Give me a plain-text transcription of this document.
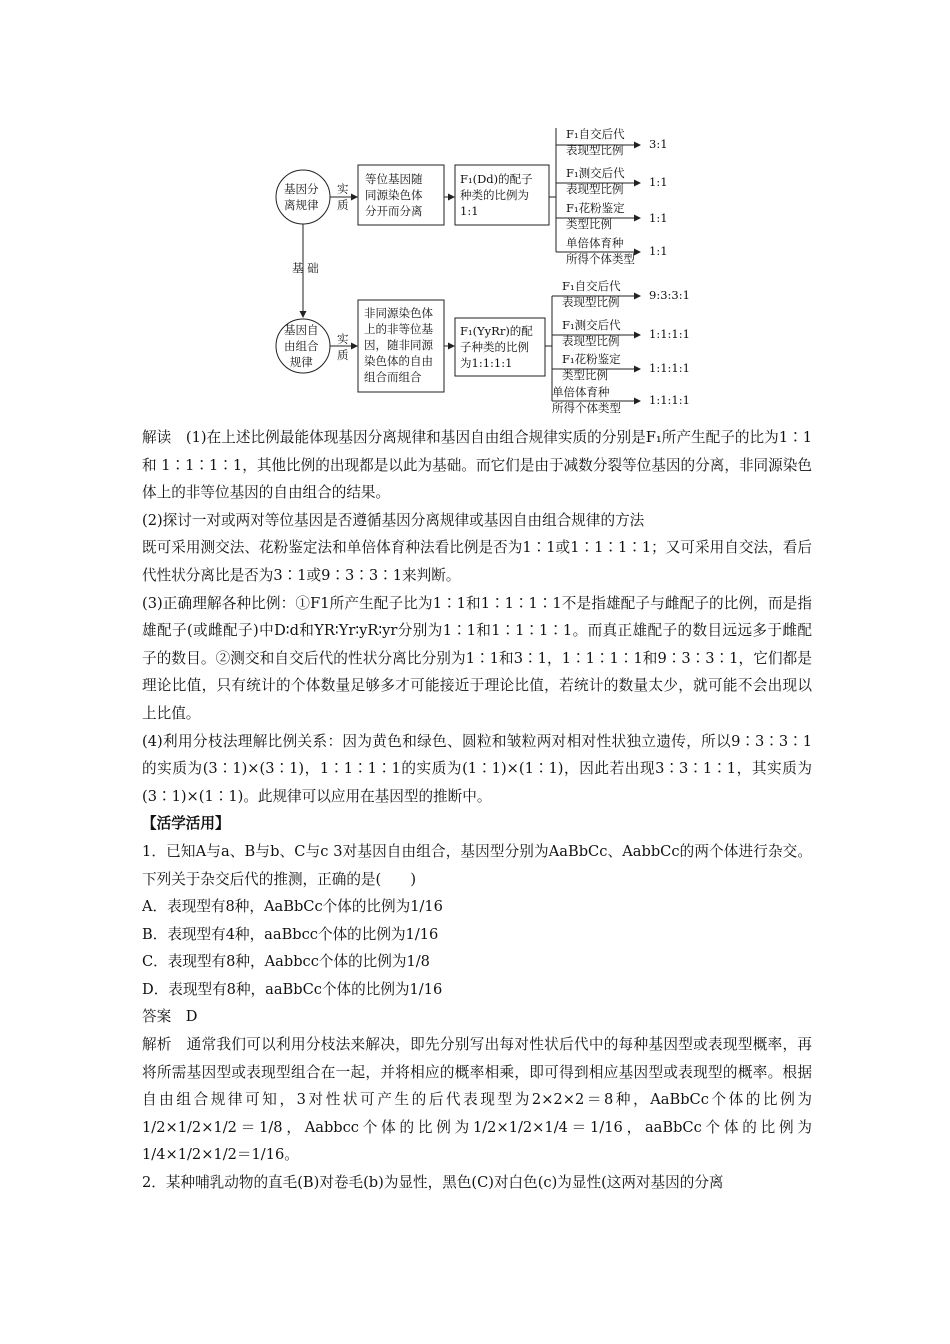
基因分
离规律
基因自
由组合
规律
实
质
实
质
基 础
等位基因随
同源染色体
分开而分离
F₁(Dd)的配子
种类的比例为
1:1
非同源染色体
上的非等位基
因，随非同源
染色体的自由
组合而组合
F₁(YyRr)的配
子种类的比例
为1:1:1:1
F₁自交后代
表现型比例 3:1
F₁测交后代
表现型比例 1:1
F₁花粉鉴定
类型比例	1:1
单倍体育种
所得个体类型
1:1
F₁自交后代
表现型比例	9:3:3:1
F₁测交后代
表现型比例	1:1:1:1
F₁花粉鉴定
类型比例	1:1:1:1
单倍体育种
所得个体类型
1:1:1:1

解读　(1)在上述比例最能体现基因分离规律和基因自由组合规律实质的分别是F₁所产生配子的比为1∶1和 1∶1∶1∶1，其他比例的出现都是以此为基础。而它们是由于减数分裂等位基因的分离，非同源染色体上的非等位基因的自由组合的结果。

(2)探讨一对或两对等位基因是否遵循基因分离规律或基因自由组合规律的方法

既可采用测交法、花粉鉴定法和单倍体育种法看比例是否为1∶1或1∶1∶1∶1；又可采用自交法，看后代性状分离比是否为3∶1或9∶3∶3∶1来判断。

(3)正确理解各种比例：①F1所产生配子比为1∶1和1∶1∶1∶1不是指雄配子与雌配子的比例，而是指雄配子(或雌配子)中D∶d和YR∶Yr∶yR∶yr分别为1∶1和1∶1∶1∶1。而真正雄配子的数目远远多于雌配子的数目。②测交和自交后代的性状分离比分别为1∶1和3∶1，1∶1∶1∶1和9∶3∶3∶1，它们都是理论比值，只有统计的个体数量足够多才可能接近于理论比值，若统计的数量太少，就可能不会出现以上比值。

(4)利用分枝法理解比例关系：因为黄色和绿色、圆粒和皱粒两对相对性状独立遗传，所以9∶3∶3∶1的实质为(3∶1)×(3∶1)，1∶1∶1∶1的实质为(1∶1)×(1∶1)，因此若出现3∶3∶1∶1，其实质为(3∶1)×(1∶1)。此规律可以应用在基因型的推断中。

【活学活用】

1．已知A与a、B与b、C与c 3对基因自由组合，基因型分别为AaBbCc、AabbCc的两个体进行杂交。下列关于杂交后代的推测，正确的是(　　)

A．表现型有8种，AaBbCc个体的比例为1/16

B．表现型有4种，aaBbcc个体的比例为1/16

C．表现型有8种，Aabbcc个体的比例为1/8

D．表现型有8种，aaBbCc个体的比例为1/16

答案　D

解析　通常我们可以利用分枝法来解决，即先分别写出每对性状后代中的每种基因型或表现型概率，再将所需基因型或表现型组合在一起，并将相应的概率相乘，即可得到相应基因型或表现型的概率。根据自由组合规律可知，3对性状可产生的后代表现型为2×2×2＝8种，AaBbCc个体的比例为1/2×1/2×1/2＝1/8，Aabbcc个体的比例为1/2×1/2×1/4＝1/16，aaBbCc个体的比例为1/4×1/2×1/2＝1/16。

2．某种哺乳动物的直毛(B)对卷毛(b)为显性，黑色(C)对白色(c)为显性(这两对基因的分离
